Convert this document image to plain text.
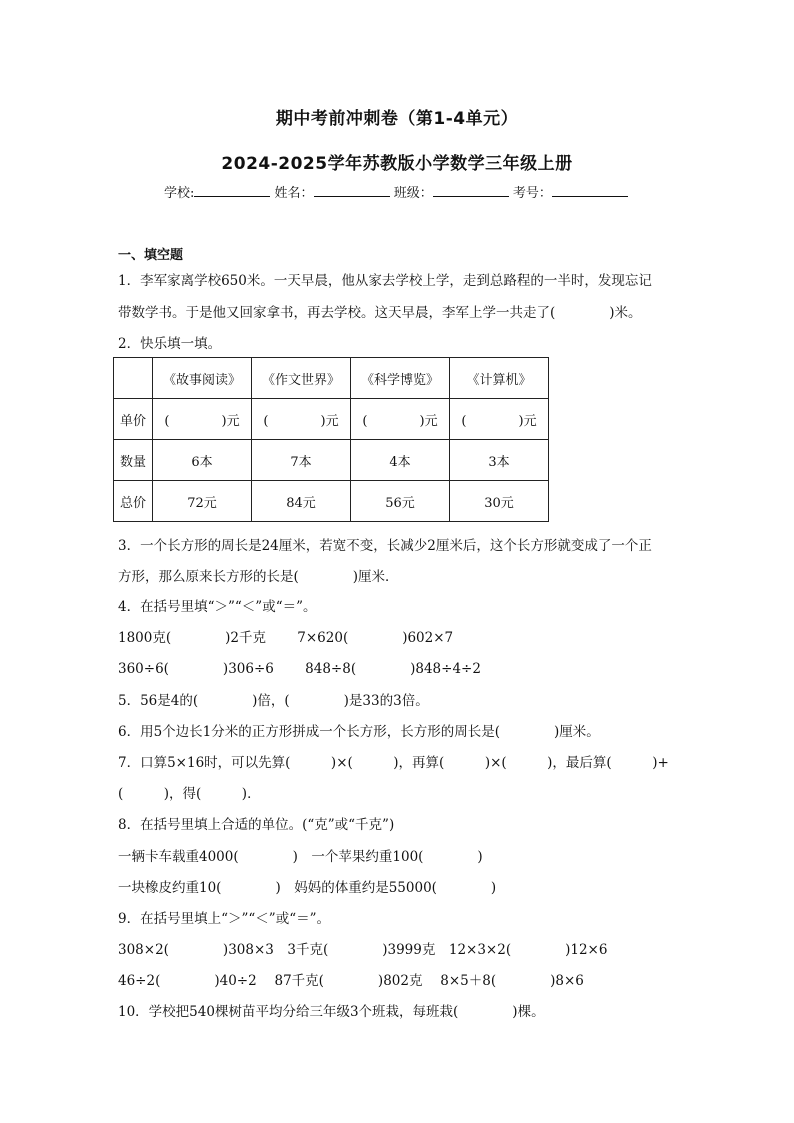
期中考前冲刺卷（第1-4单元）
2024-2025学年苏教版小学数学三年级上册
学校:	姓名：	班级：	考号：
一、填空题
1．李军家离学校650米。一天早晨，他从家去学校上学，走到总路程的一半时，发现忘记
带数学书。于是他又回家拿书，再去学校。这天早晨，李军上学一共走了(　　　　)米。
2．快乐填一填。
	《故事阅读》	《作文世界》	《科学博览》	《计算机》
单价	(　　　　)元	(　　　　)元	(　　　　)元	(　　　　)元
数量	6本	7本	4本	3本
总价	72元	84元	56元	30元
3．一个长方形的周长是24厘米，若宽不变，长减少2厘米后，这个长方形就变成了一个正
方形，那么原来长方形的长是(　　　　)厘米．
4．在括号里填“＞”“＜”或“＝”。
1800克(　　　　)2千克　　 7×620(　　　　)602×7
360÷6(　　　　)306÷6　　 848÷8(　　　　)848÷4÷2
5．56是4的(　　　　)倍，(　　　　)是33的3倍。
6．用5个边长1分米的正方形拼成一个长方形，长方形的周长是(　　　　)厘米。
7．口算5×16时，可以先算(　　　)×(　　　)，再算(　　　)×(　　　)，最后算(　　　)+
(　　　)，得(　　　)．
8．在括号里填上合适的单位。(“克”或“千克”)
一辆卡车载重4000(　　　　)　一个苹果约重100(　　　　)
一块橡皮约重10(　　　　)　妈妈的体重约是55000(　　　　)
9．在括号里填上“＞”“＜”或“＝”。
308×2(　　　　)308×3　3千克(　　　　)3999克　12×3×2(　　　　)12×6
46÷2(　　　　)40÷2　 87千克(　　　　)802克　 8×5＋8(　　　　)8×6
10．学校把540棵树苗平均分给三年级3个班栽，每班栽(　　　　)棵。
